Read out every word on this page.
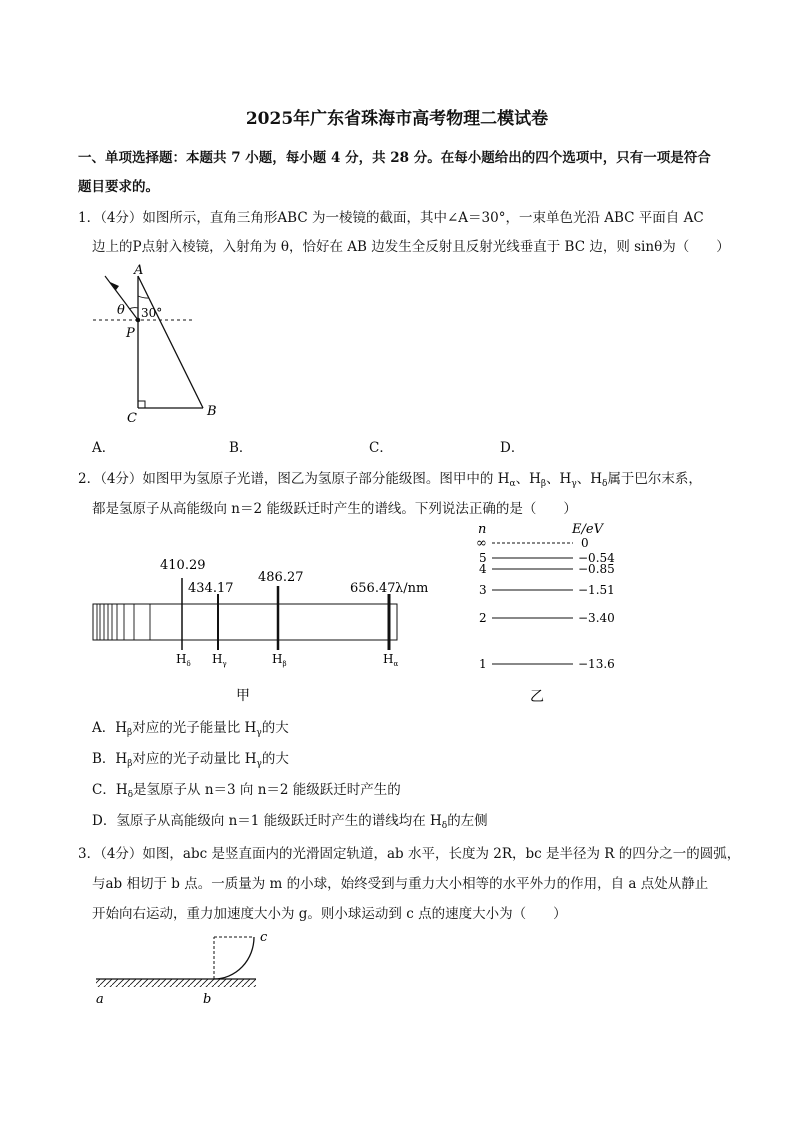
2025年广东省珠海市高考物理二模试卷
一、单项选择题：本题共 7 小题，每小题 4 分，共 28 分。在每小题给出的四个选项中，只有一项是符合
题目要求的。
1．（4分）如图所示，直角三角形ABC 为一棱镜的截面，其中∠A＝30°，一束单色光沿 ABC 平面自 AC
边上的P点射入棱镜，入射角为 θ，恰好在 AB 边发生全反射且反射光线垂直于 BC 边，则 sinθ为（　　）
A
B
C
P
θ 30°
A．	B．	C．	D．
2．（4分）如图甲为氢原子光谱，图乙为氢原子部分能级图。图甲中的 $H_\alpha$、$H_\beta$、$H_\gamma$、$H_\delta$属于巴尔末系，
都是氢原子从高能级向 n＝2 能级跃迁时产生的谱线。下列说法正确的是（　　）
410.29
434.17
486.27
656.47 λ/nm
$H_\delta$ $H_\gamma$	$H_\beta$	$H_\alpha$
甲
n	E/eV
∞
5
4
3
2
1
0
−0.54
−0.85
−1.51
−3.40
−13.6
乙
A．$H_\beta$对应的光子能量比 $H_\gamma$的大
B．$H_\beta$对应的光子动量比 $H_\gamma$的大
C．$H_\delta$是氢原子从 n＝3 向 n＝2 能级跃迁时产生的
D．氢原子从高能级向 n＝1 能级跃迁时产生的谱线均在 $H_\delta$的左侧
3．（4分）如图，abc 是竖直面内的光滑固定轨道，ab 水平，长度为 2R，bc 是半径为 R 的四分之一的圆弧，
与ab 相切于 b 点。一质量为 m 的小球，始终受到与重力大小相等的水平外力的作用，自 a 点处从静止
开始向右运动，重力加速度大小为 g。则小球运动到 c 点的速度大小为（　　）
a	b
c
